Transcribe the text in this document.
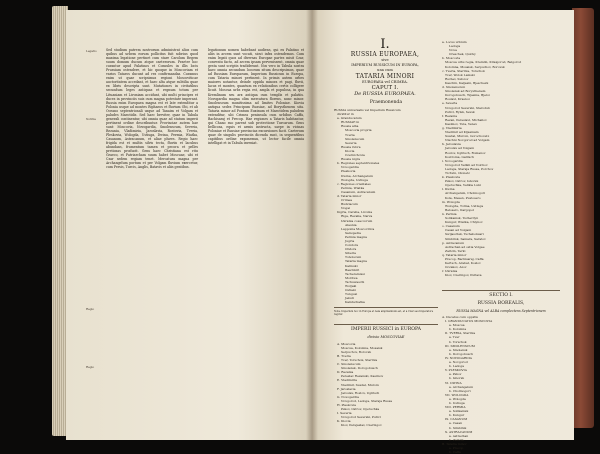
Legatio
Notitia
Regio
Regio
Sed studium patrem nostrorum administrat alios cum quibus ad urbem eorum pollicitus fuit sobrius quod maxima legatione pertinet cum stare Carolum Regem suum domum ducum atque caeterorum. Praeter hoc curantur apud Palatinos et Consules in illis locis Prussiam ostendere, et hic quoque in Moscoviam et varios Tataros ducunt ad res confirmandas. Curamus enim ut quae scripsimus regioni Moscoviticae auctoritatem accedant, et haec alta atque subtilia quae ex libris descripta sunt. Mutationes in civitatibus secundum leges antiquas et regnum totum per Lituaniam et Livoniam accidunt, ubi multi principes et duces in provinciis suis cum magna potestate imperant. Russia enim Europaea magna est et late extenditur a Polonia usque ad montes Riphaeos et fluvium Obi, et ab Oceano septentrionali usque ad Tanaim et Volgam et paludes Maeotidis. Sed haec breviter, quae in Tabula generali continentur, ubi omnia quae ad statum imperii pertinent ordine describuntur. Provinciae autem hae sunt: Moscovia, Novogardia, Smolenscum, Severia, Rezania, Vladimiria, Jaroslavia, Rostovia, Tveria, Pleskovia, Wologda, Ustiuga, Dwina, Permia, Wiatka, Casanum, Astracanum, et aliae plures. Regio haec frigida est et multis silvis tecta, fluviis et lacubus abundans, frumentum tamen et pecora et pelles pretiosas producit. Gens haec Christiana est ritu Graeco, et Patriarcham suum habet Moscuae, ubi et Czar sedem regiam tenet. Mercatura magna per Archangelum portum et per Volgam fluvium exercetur, cum Persis, Turcis, Anglis, Batavis et aliis gentibus.
legationum nomen habebant audiens, qui ex Palatino et aliis in arcem sunt vocati, sicut infra ostendemus. Cum enim legati quos ad diversas Europae partes misit Czar, conventu facto, ad arcem ipsam pervenissent, omnia quae gesta sunt scriptis tradiderunt. Nos vero in Tabula nostra haec omnia secundum locorum situm descripsimus, quae ad Russiam Europaeam, Imperium Russicum in Europa, cum Tataria minori pertinent. In primis autem urbes maiores notantur, deinde oppida minora et pagi, fluvii, lacus et montes, quantum ex relationibus certis colligere licuit. Moscua urbs regia est, ampla et populosa, in qua Kremlinum seu arx antiqua cum templis et palatiis. Novogardia magna olim mercatura florens, nunc minor. Smolenscum munitissima ad limites Poloniae. Kiovia antiqua sedes Principum Russiae, ad Borysthenem sita. Tataria minor ad Pontum Euxinum et Maeotidem paludem extenditur, ubi Crimea peninsula cum urbibus Caffa, Bachisaraj et Precop. Hae regiones a Tataris habitantur, qui Chano suo parent sub protectione Turcarum. Gens bellicosa, equis et armis instructa, saepe in vicinas Poloniae et Russiae provincias excursiones facit. Caeterum quae de singulis provinciis dicenda sunt, in sequentibus capitibus ordine exponemus, ut lector facile omnia intelligat et in Tabula inveniat.
I.
RUSSIA EUROPAEA,
sive
IMPERIUM RUSSICUM IN EUROPA,
una cum
TATARIA MINORI
EUROPAEA vel CRIMEA.
CAPUT I.
De RUSSIA EUROPAEA.
Praemonenda
RUSSIA universalis vel Imperium Russicum
dividitur in
a. Granducatum
RUSSIAE in
Russia alba
Moscovia propria
Tveria
Smolenscum
Severia
Russia rubra
Kiovia
Czernichovia
Russia nigra
b. Regiones septentrionales
Novogardia
Pleskovia
Dwina, Archangelum
Wologda, Ustiuga
c. Regiones orientales
Permia, Wiatka
Casanum, Astracanum
d. Tataria minor
Crimea
Budziacum
Nogai
Ingria, Carelia, Livonia
Riga, Revalia, Narva
Ukrania cosaccorum
Alaunia
Lapponia Moscovitica
Samojedia
Permia magna
Jugria
Condora
Obdora
Siberia
Tobolscum
Tataria magna
Kalmuki
Baschkiri
Tscheremissi
Mordwa
Tschuwaschi
Wotjaki
Ostiaki
Tungusi
Jakuti
Kamtschatka
Nota. Imperium hoc in Europa et Asia amplissimum est, et a Czar seu Imperatore regitur.
IMPERII RUSSICI in EUROPA
divisio MOSCOVIAE
A. Moscovia
Moscua, Kolomna, Mosaisk
Serpuchov, Borovsk
B. Tveria
Tver, Torschok, Staritza
C. Smolenscum
Smolensk, Dorogobusch
D. Rezania
Pereslav Rezanski, Kasimov
E. Vladimiria
Vladimir, Susdal, Murom
F. Jaroslavia
Jaroslav, Rostov, Uglitsch
G. Novogardia
Novgorod, Ladoga, Staraja Russa
H. Pleskovia
Pskov, Ostrov, Opotschka
I. Severia
Novgorod Severski, Putivl
K. Kiovia
Kiov, Perejaslav, Czernigov
a. Locus urbium
Ladoga
Nova
Oreschek, Quicky
b. Moscovia
Moscua urbs regia, Kremlin, Kitaigorod, Belgorod
Kolomna, Mosaisk, Serpuchov, Borovsk
c. Tveria, Staritza, Torschok
Tver, Wolok Lamski
Rschev, Subzov
Kaschin, Kaljasin, Bjeschezk
d. Smolenscum
Smolensk ad Borysthenem
Dorogobusch, Wjasma, Bjeloi
Roslavl, Krasnoi
e. Severia
Novgorod Severski, Starodub
Putivl, Rylsk, Sevsk
f. Rezania
Rezan, Pereslavl, Michailov
Kasimov, Tula, Venev
g. Vladimiria
Vladimir ad Kljasmam
Susdal, Murom, Gorochovetz
Nischni Novgorod ad Volgam
h. Jaroslavia
Jaroslav ad Volgam
Rostov, Uglitsch, Romanov
Kostroma, Galitsch
i. Novogardia
Novgorod Velikii ad Volchov
Ladoga, Staraja Russa, Porchov
Tichvin, Olonetz
k. Pleskovia
Pskov, Ostrov, Isborsk
Opotschka, Velikie Luki
l. Dwina
Archangelum, Cholmogori
Kola, Mesen, Pustosero
m. Wologda
Wologda, Totma, Ustiuga
Belosero, Kargopol
n. Permia
Solikamsk, Tscherdyn
Kungur, Wiatka, Chlynov
o. Casanum
Casan ad Volgam
Swijaschsk, Tscheboksari
Simbirsk, Samara, Saratov
p. Astracanum
Astrachan ad ostia Volgae
Zarizin, Terki
q. Tataria minor
Precop, Bachisaraj, Caffa
Kertsch, Arabat, Koslov
Oczakov, Azov
r. Ukrania
Kiov, Czernigov, Pultava
SECTIO I.
RUSSIA BOREALIS,
RUSSIA MAGNA vel ALBA complectens Septentrionem
A. Ducatus cum oppidis
I. GRANDUCATUS MOSCOVIA
a. Moscua
b. Kolomna
II. TVERIA, Staritza
a. Tver
b. Torschok
III. SMOLENSCUM
a. Smolensk
b. Dorogobusch
IV. NOVOGARDIA
a. Novgorod
b. Ladoga
V. PLESKOVIA
a. Pskov
b. Isborsk
VI. DWINA
a. Archangelum
b. Cholmogori
VII. WOLOGDA
a. Wologda
b. Ustiuga
VIII. PERMIA
a. Solikamsk
b. Kungur
IX. CASANUM
a. Casan
b. Simbirsk
X. ASTRACANUM
a. Astrachan
b. Zarizin
B. Tataria minor
a. Precop
b. Caffa
